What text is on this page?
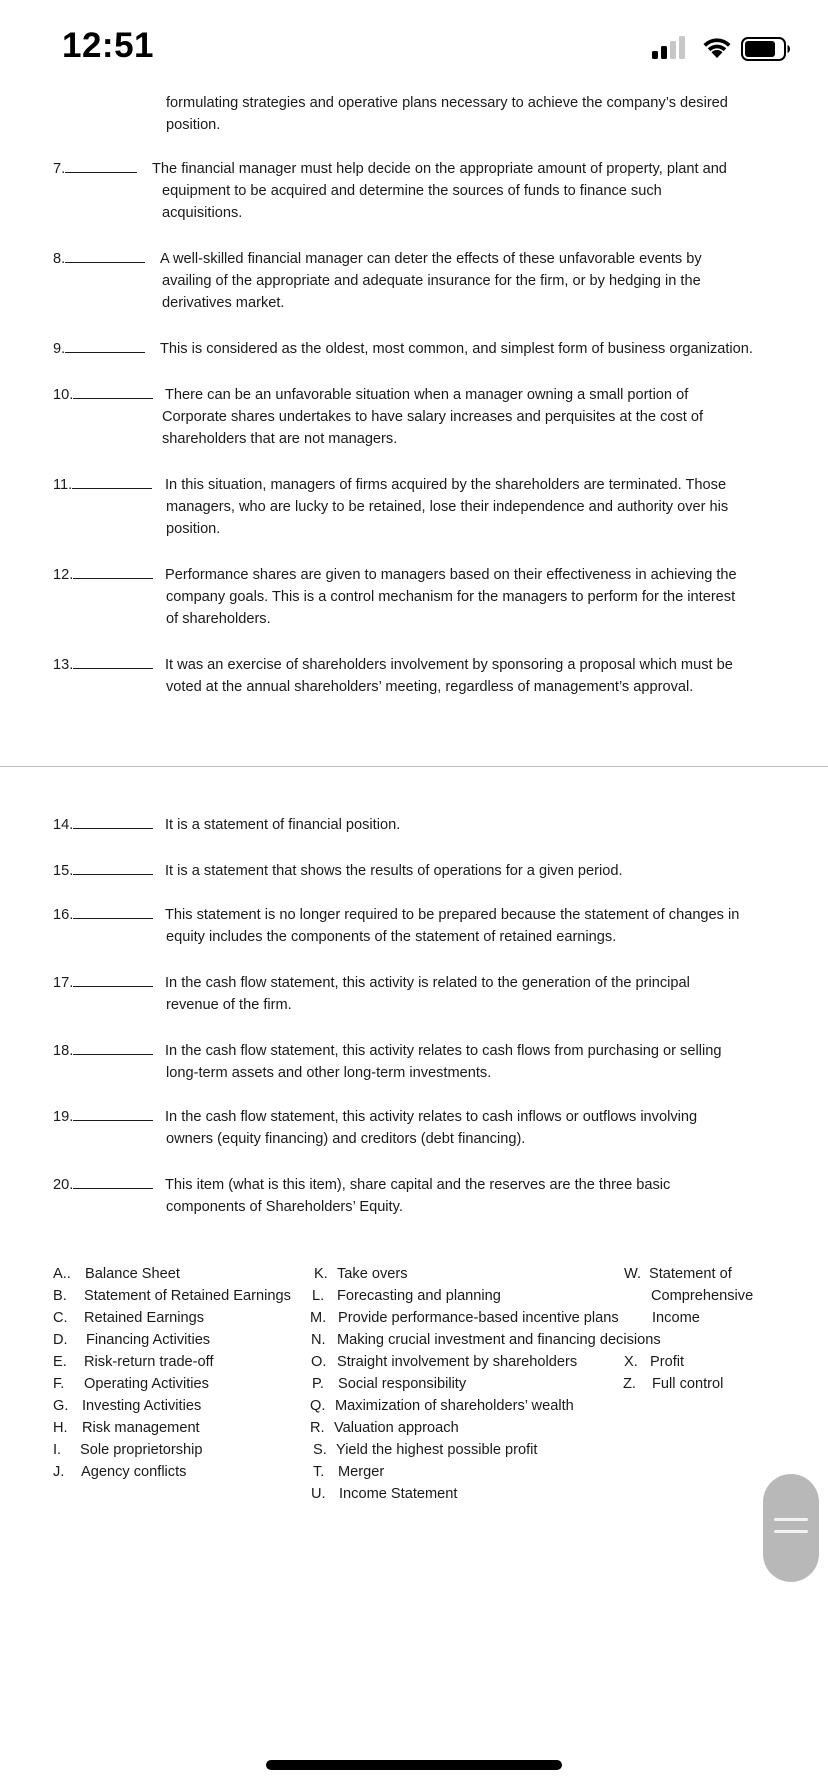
12:51
formulating strategies and operative plans necessary to achieve the company’s desired
position.
7.	The financial manager must help decide on the appropriate amount of property, plant and
equipment to be acquired and determine the sources of funds to finance such
acquisitions.
8.	A well-skilled financial manager can deter the effects of these unfavorable events by
availing of the appropriate and adequate insurance for the firm, or by hedging in the
derivatives market.
9.	This is considered as the oldest, most common, and simplest form of business organization.
10.	There can be an unfavorable situation when a manager owning a small portion of
Corporate shares undertakes to have salary increases and perquisites at the cost of
shareholders that are not managers.
11.	In this situation, managers of firms acquired by the shareholders are terminated. Those
managers, who are lucky to be retained, lose their independence and authority over his
position.
12.	Performance shares are given to managers based on their effectiveness in achieving the
company goals. This is a control mechanism for the managers to perform for the interest
of shareholders.
13.	It was an exercise of shareholders involvement by sponsoring a proposal which must be
voted at the annual shareholders’ meeting, regardless of management’s approval.
14.	It is a statement of financial position.
15.	It is a statement that shows the results of operations for a given period.
16.	This statement is no longer required to be prepared because the statement of changes in
equity includes the components of the statement of retained earnings.
17.	In the cash flow statement, this activity is related to the generation of the principal
revenue of the firm.
18.	In the cash flow statement, this activity relates to cash flows from purchasing or selling
long-term assets and other long-term investments.
19.	In the cash flow statement, this activity relates to cash inflows or outflows involving
owners (equity financing) and creditors (debt financing).
20.	This item (what is this item), share capital and the reserves are the three basic
components of Shareholders’ Equity.
A.. Balance Sheet
B. Statement of Retained Earnings
C. Retained Earnings
D. Financing Activities
E. Risk-return trade-off
F. Operating Activities
G. Investing Activities
H. Risk management
I. Sole proprietorship
J. Agency conflicts
K. Take overs
L. Forecasting and planning
M. Provide performance-based incentive plans
N. Making crucial investment and financing decisions
O. Straight involvement by shareholders
P. Social responsibility
Q. Maximization of shareholders’ wealth
R. Valuation approach
S. Yield the highest possible profit
T. Merger
U. Income Statement
W. Statement of
Comprehensive
Income
X. Profit
Z. Full control
